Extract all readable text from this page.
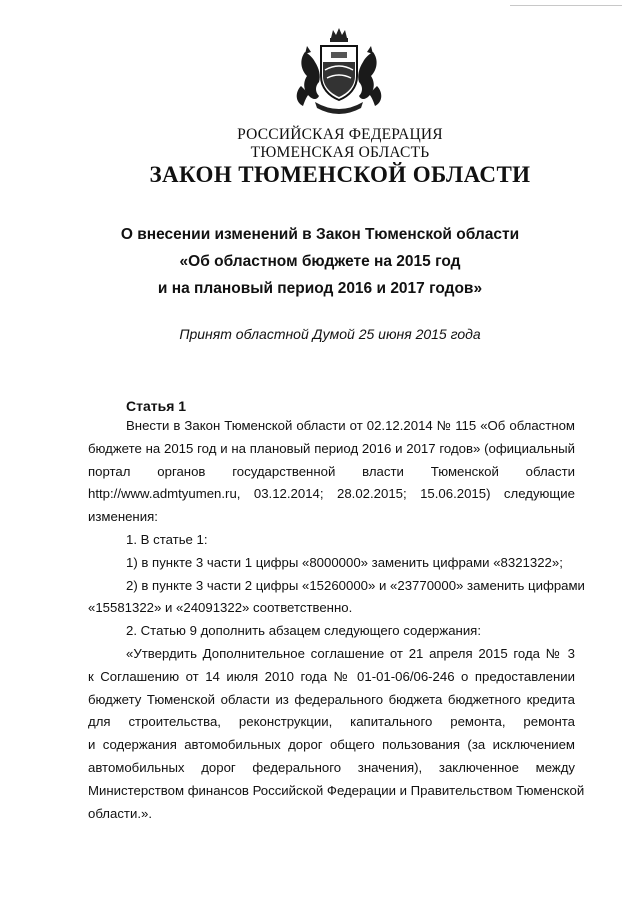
РОССИЙСКАЯ ФЕДЕРАЦИЯ
ТЮМЕНСКАЯ ОБЛАСТЬ
ЗАКОН ТЮМЕНСКОЙ ОБЛАСТИ
О внесении изменений в Закон Тюменской области
«Об областном бюджете на 2015 год
и на плановый период 2016 и 2017 годов»
Принят областной Думой 25 июня 2015 года
Статья 1
Внести в Закон Тюменской области от 02.12.2014 № 115 «Об областном
бюджете на 2015 год и на плановый период 2016 и 2017 годов» (официальный
портал органов государственной власти Тюменской области
http://www.admtyumen.ru, 03.12.2014; 28.02.2015; 15.06.2015) следующие
изменения:
1. В статье 1:
1) в пункте 3 части 1 цифры «8000000» заменить цифрами «8321322»;
2) в пункте 3 части 2 цифры «15260000» и «23770000» заменить цифрами
«15581322» и «24091322» соответственно.
2. Статью 9 дополнить абзацем следующего содержания:
«Утвердить Дополнительное соглашение от 21 апреля 2015 года № 3
к Соглашению от 14 июля 2010 года № 01-01-06/06-246 о предоставлении
бюджету Тюменской области из федерального бюджета бюджетного кредита
для строительства, реконструкции, капитального ремонта, ремонта
и содержания автомобильных дорог общего пользования (за исключением
автомобильных дорог федерального значения), заключенное между
Министерством финансов Российской Федерации и Правительством Тюменской
области.».
